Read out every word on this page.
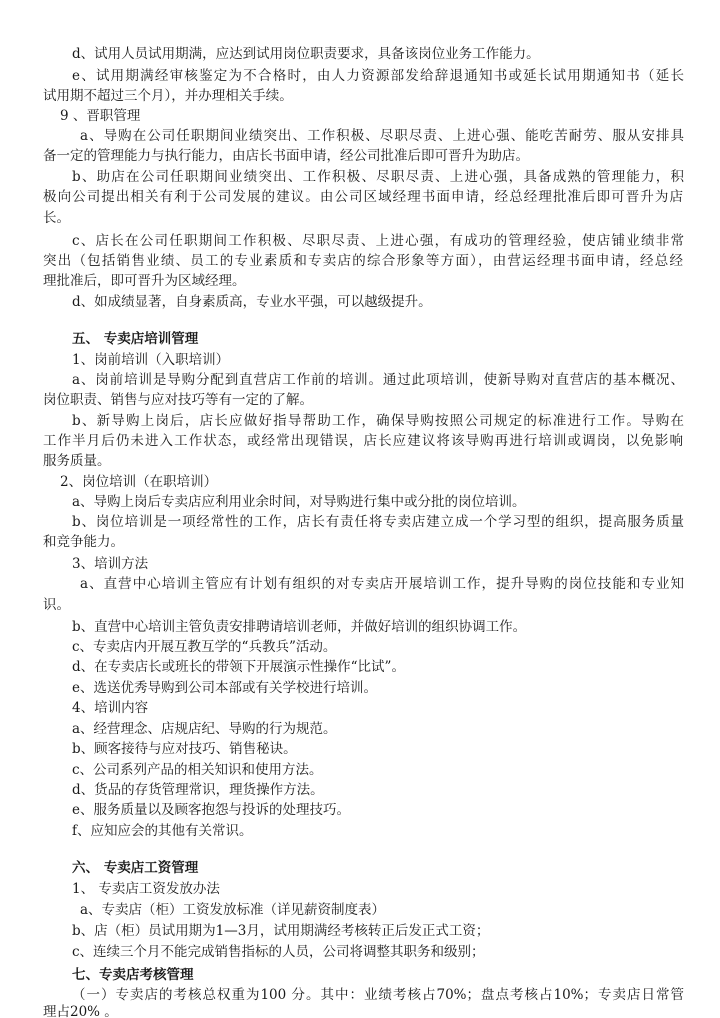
d、试用人员试用期满，应达到试用岗位职责要求，具备该岗位业务工作能力。
e、试用期满经审核鉴定为不合格时，由人力资源部发给辞退通知书或延长试用期通知书（延长
试用期不超过三个月），并办理相关手续。
9 、晋职管理
a、导购在公司任职期间业绩突出、工作积极、尽职尽责、上进心强、能吃苦耐劳、服从安排具
备一定的管理能力与执行能力，由店长书面申请，经公司批准后即可晋升为助店。
b、助店在公司任职期间业绩突出、工作积极、尽职尽责、上进心强，具备成熟的管理能力，积
极向公司提出相关有利于公司发展的建议。由公司区域经理书面申请，经总经理批准后即可晋升为店
长。
c、店长在公司任职期间工作积极、尽职尽责、上进心强，有成功的管理经验，使店铺业绩非常
突出（包括销售业绩、员工的专业素质和专卖店的综合形象等方面），由营运经理书面申请，经总经
理批准后，即可晋升为区域经理。
d、如成绩显著，自身素质高，专业水平强，可以越级提升。
五、 专卖店培训管理
1、岗前培训（入职培训）
a、岗前培训是导购分配到直营店工作前的培训。通过此项培训，使新导购对直营店的基本概况、
岗位职责、销售与应对技巧等有一定的了解。
b、新导购上岗后，店长应做好指导帮助工作，确保导购按照公司规定的标准进行工作。导购在
工作半月后仍未进入工作状态，或经常出现错误，店长应建议将该导购再进行培训或调岗，以免影响
服务质量。
2、岗位培训（在职培训）
a、导购上岗后专卖店应利用业余时间，对导购进行集中或分批的岗位培训。
b、岗位培训是一项经常性的工作，店长有责任将专卖店建立成一个学习型的组织，提高服务质量
和竞争能力。
3、培训方法
a、直营中心培训主管应有计划有组织的对专卖店开展培训工作，提升导购的岗位技能和专业知
识。
b、直营中心培训主管负责安排聘请培训老师，并做好培训的组织协调工作。
c、专卖店内开展互教互学的“兵教兵”活动。
d、在专卖店长或班长的带领下开展演示性操作“比试”。
e、选送优秀导购到公司本部或有关学校进行培训。
4、培训内容
a、经营理念、店规店纪、导购的行为规范。
b、顾客接待与应对技巧、销售秘诀。
c、公司系列产品的相关知识和使用方法。
d、货品的存货管理常识，理货操作方法。
e、服务质量以及顾客抱怨与投诉的处理技巧。
f、应知应会的其他有关常识。
六、 专卖店工资管理
1、 专卖店工资发放办法
a、专卖店（柜）工资发放标准（详见薪资制度表）
b、店（柜）员试用期为1—3月，试用期满经考核转正后发正式工资；
c、连续三个月不能完成销售指标的人员，公司将调整其职务和级别；
七、专卖店考核管理
（一）专卖店的考核总权重为100 分。其中：业绩考核占70%；盘点考核占10%；专卖店日常管
理占20% 。
